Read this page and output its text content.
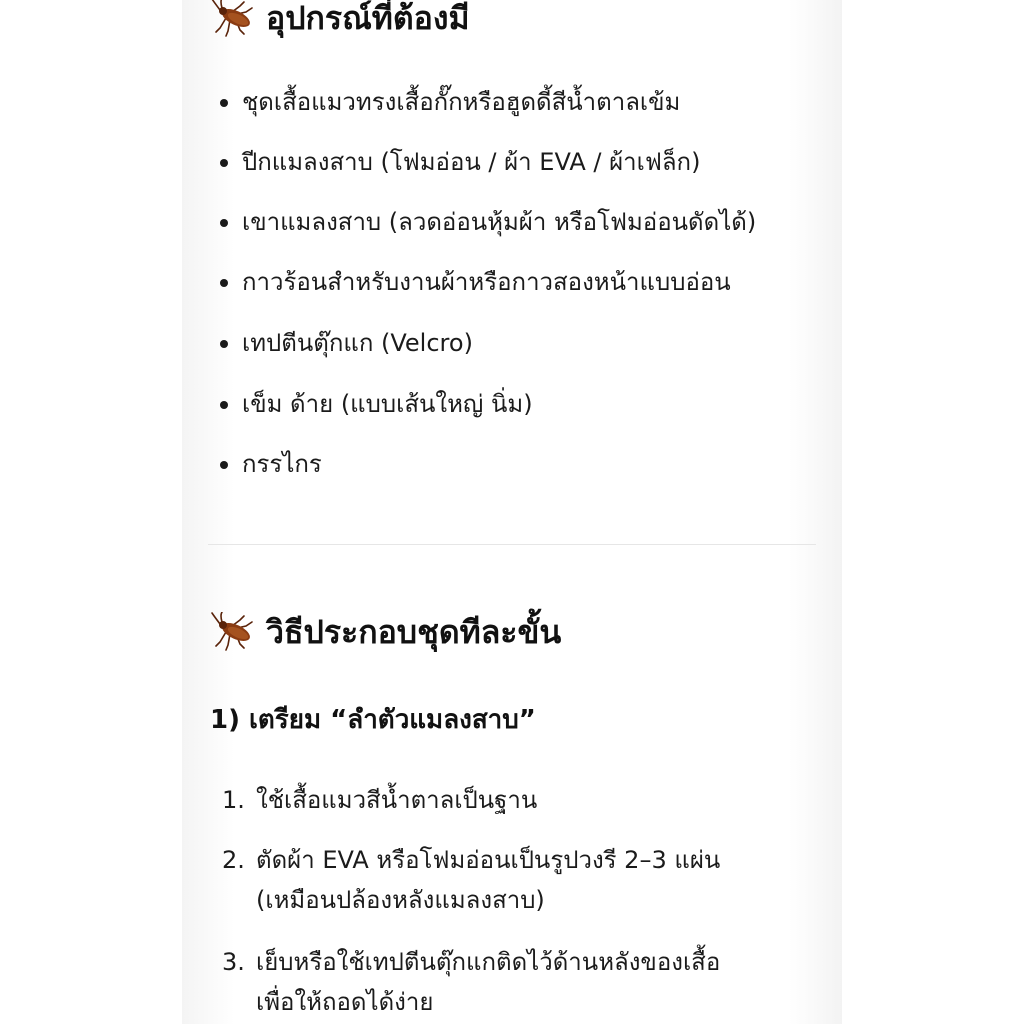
อุปกรณ์ที่ต้องมี
ชุดเสื้อแมวทรงเสื้อกั๊กหรือฮูดดี้สีน้ำตาลเข้ม
ปีกแมลงสาบ (โฟมอ่อน / ผ้า EVA / ผ้าเฟล็ก)
เขาแมลงสาบ (ลวดอ่อนหุ้มผ้า หรือโฟมอ่อนดัดได้)
กาวร้อนสำหรับงานผ้าหรือกาวสองหน้าแบบอ่อน
เทปตีนตุ๊กแก (Velcro)
เข็ม ด้าย (แบบเส้นใหญ่ นิ่ม)
กรรไกร
วิธีประกอบชุดทีละขั้น
1) เตรียม “ลำตัวแมลงสาบ”
1. ใช้เสื้อแมวสีน้ำตาลเป็นฐาน
2. ตัดผ้า EVA หรือโฟมอ่อนเป็นรูปวงรี 2–3 แผ่น
(เหมือนปล้องหลังแมลงสาบ)
3. เย็บหรือใช้เทปตีนตุ๊กแกติดไว้ด้านหลังของเสื้อ
เพื่อให้ถอดได้ง่าย
